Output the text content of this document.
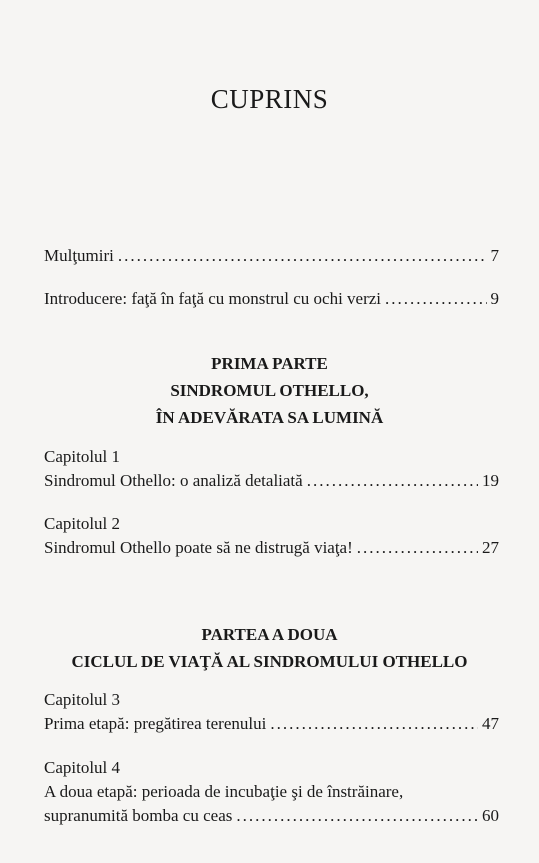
CUPRINS
Mulţumiri .....	7
Introducere: faţă în faţă cu monstrul cu ochi verzi .....	9
PRIMA PARTE
SINDROMUL OTHELLO,
ÎN ADEVĂRATA SA LUMINĂ
Capitolul 1
Sindromul Othello: o analiză detaliată .....	19
Capitolul 2
Sindromul Othello poate să ne distrugă viaţa! .....	27
PARTEA A DOUA
CICLUL DE VIAŢĂ AL SINDROMULUI OTHELLO
Capitolul 3
Prima etapă: pregătirea terenului .....	47
Capitolul 4
A doua etapă: perioada de incubaţie şi de înstrăinare,
supranumită bomba cu ceas .....	60
